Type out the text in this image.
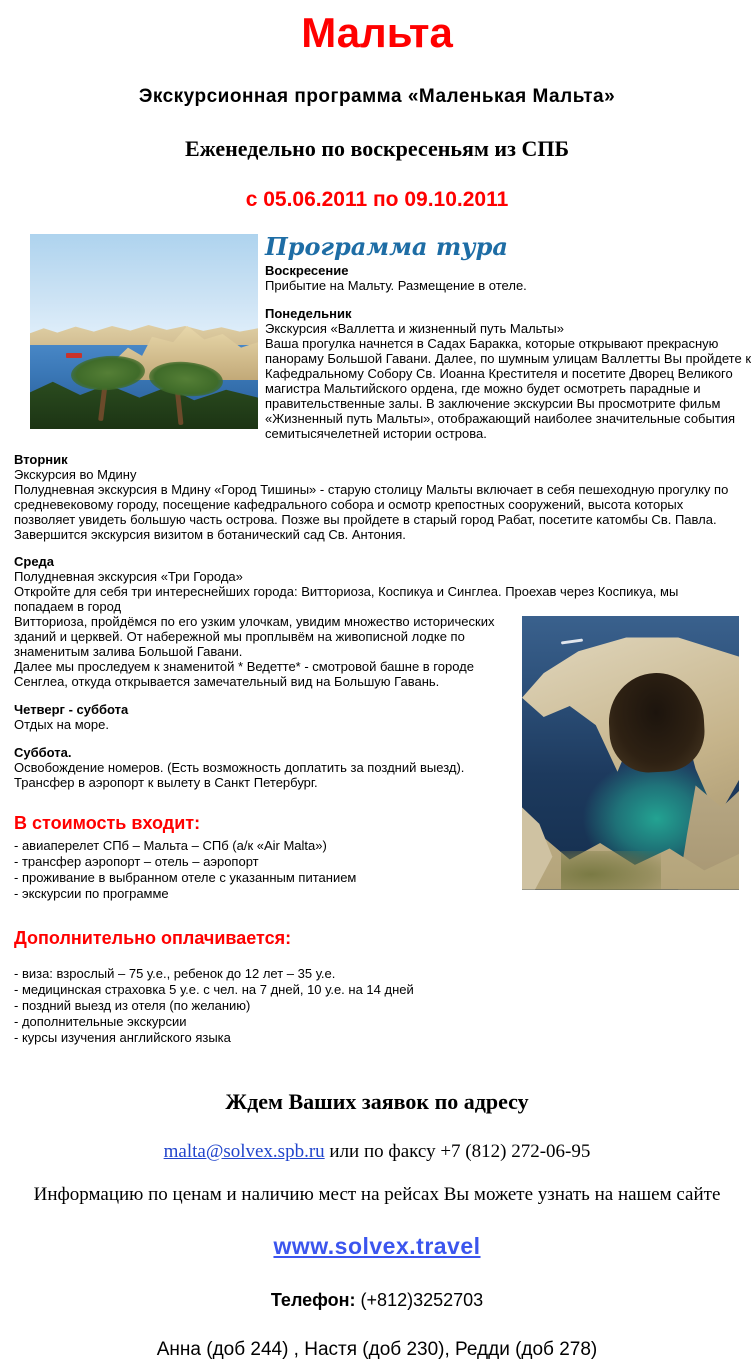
Мальта
Экскурсионная программа «Маленькая Мальта»
Еженедельно по воскресеньям из СПБ
с 05.06.2011 по 09.10.2011
Программа тура
Воскресение
Прибытие на Мальту. Размещение в отеле.
Понедельник
Экскурсия «Валлетта и жизненный путь Мальты»
Ваша прогулка начнется в Садах Баракка, которые открывают прекрасную панораму Большой Гавани. Далее, по шумным улицам Валлетты Вы пройдете к Кафедральному Собору Св. Иоанна Крестителя и посетите Дворец Великого магистра Мальтийского ордена, где можно будет осмотреть парадные и правительственные залы. В заключение экскурсии Вы просмотрите фильм «Жизненный путь Мальты», отображающий наиболее значительные события семитысячелетней истории острова.
Вторник
Экскурсия во Мдину
Полудневная экскурсия в Мдину «Город Тишины» - старую столицу Мальты включает в себя пешеходную прогулку по средневековому городу, посещение кафедрального собора и осмотр крепостных сооружений, высота которых позволяет увидеть большую часть острова. Позже вы пройдете в старый город Рабат, посетите катомбы Св. Павла. Завершится экскурсия визитом в ботанический сад Св. Антония.
Среда
Полудневная экскурсия «Три Города»
Откройте для себя три интереснейших города: Витториоза, Коспикуа и Синглеа. Проехав через Коспикуа, мы попадаем в город
Витториоза, пройдёмся по его узким улочкам, увидим множество исторических зданий и церквей. От набережной мы проплывём на живописной лодке по знаменитым залива Большой Гавани.
Далее мы проследуем к знаменитой * Ведетте* - смотровой башне в городе Сенглеа, откуда открывается замечательный вид на Большую Гавань.
Четверг - суббота
Отдых на море.
Суббота.
Освобождение номеров. (Есть возможность доплатить за поздний выезд). Трансфер в аэропорт к вылету в Санкт Петербург.
В стоимость входит:
- авиаперелет СПб – Мальта – СПб (а/к «Air Malta»)
- трансфер аэропорт – отель – аэропорт
- проживание в выбранном отеле с указанным питанием
- экскурсии по программе
Дополнительно оплачивается:
- виза: взрослый – 75 у.е., ребенок до 12 лет – 35 у.е.
- медицинская страховка 5 у.е. с чел. на 7 дней, 10 у.е. на 14 дней
- поздний выезд из отеля (по желанию)
- дополнительные экскурсии
- курсы изучения английского языка
Ждем Ваших заявок по адресу
malta@solvex.spb.ru или по факсу +7 (812) 272-06-95
Информацию по ценам и наличию мест на рейсах Вы можете узнать на нашем сайте
www.solvex.travel
Телефон: (+812)3252703
Анна (доб 244) , Настя (доб 230), Редди (доб 278)
